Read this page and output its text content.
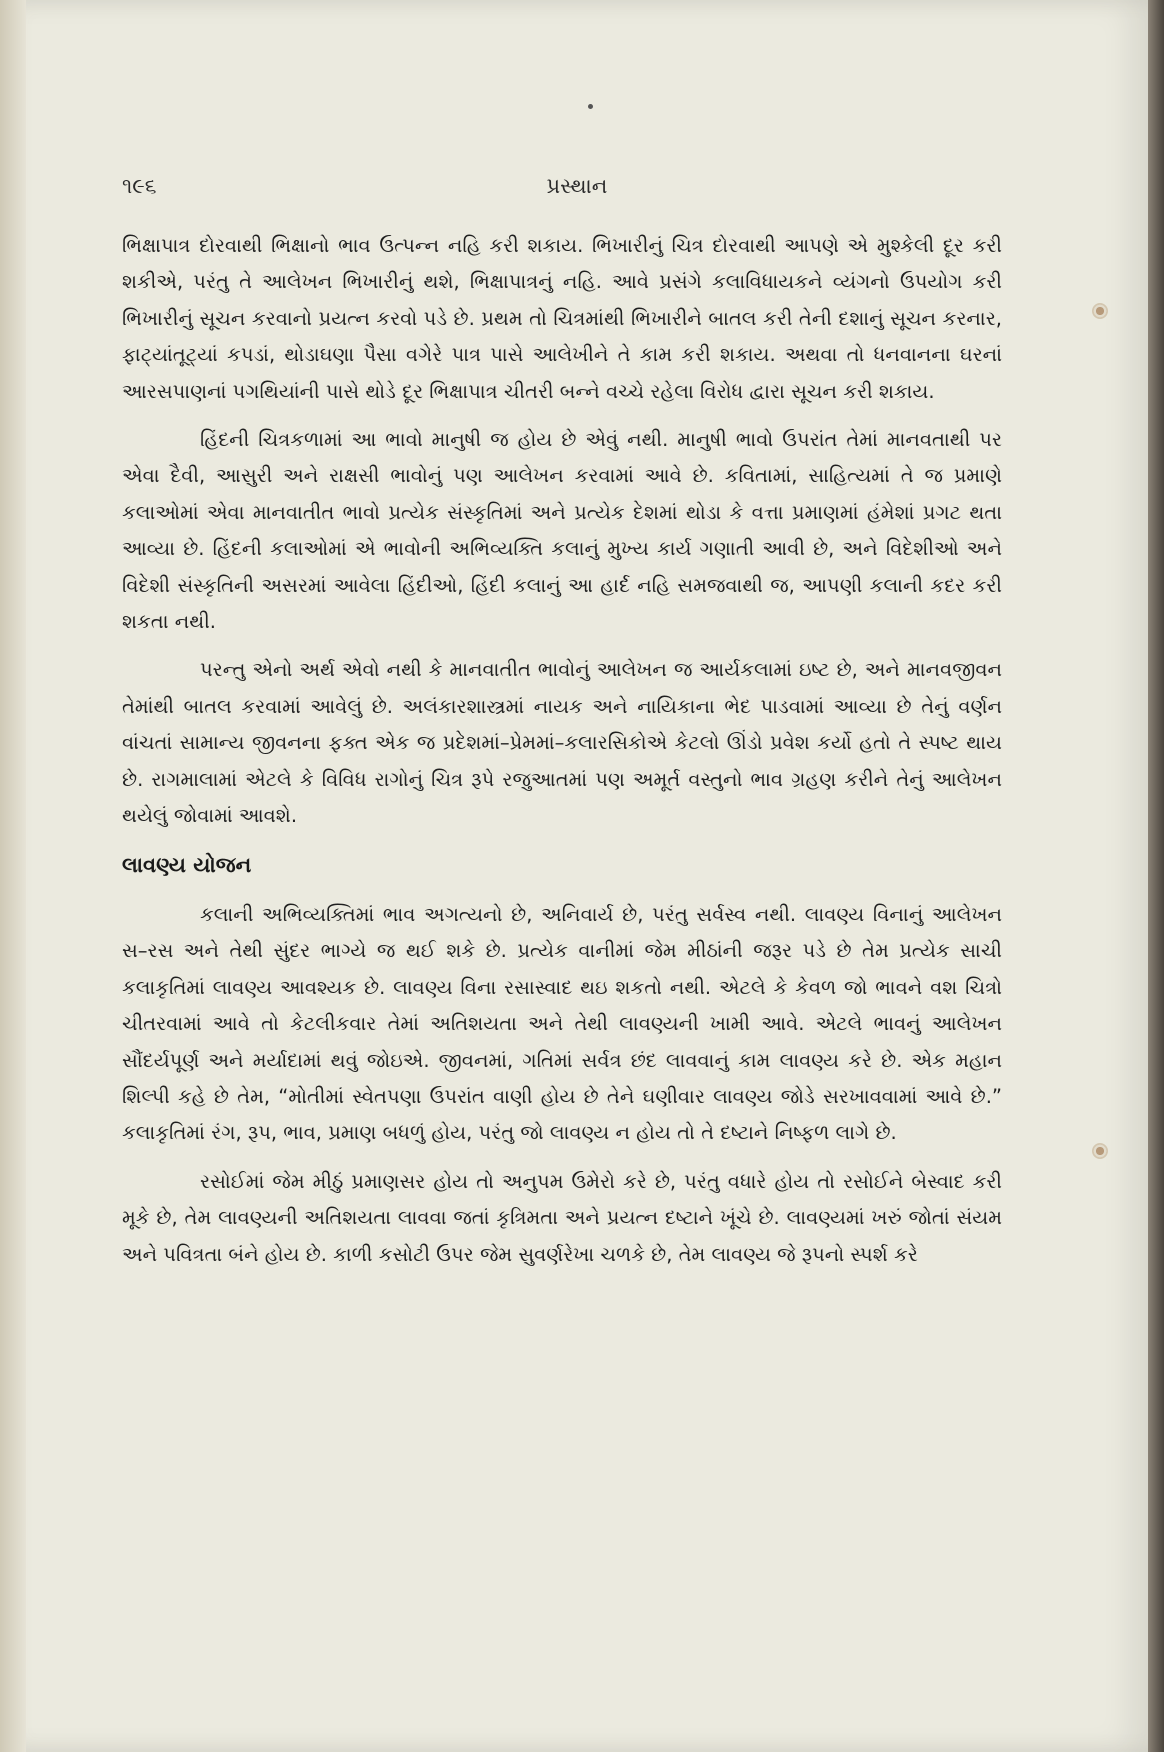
૧૯૬	પ્રસ્થાન

ભિક્ષાપાત્ર દોરવાથી ભિક્ષાનો ભાવ ઉત્પન્ન નહિ કરી શકાય. ભિખારીનું ચિત્ર દોરવાથી આપણે એ મુશ્કેલી દૂર કરી શકીએ, પરંતુ તે આલેખન ભિખારીનું થશે, ભિક્ષાપાત્રનું નહિ. આવે પ્રસંગે કલાવિધાયકને વ્યંગનો ઉપયોગ કરી ભિખારીનું સૂચન કરવાનો પ્રયત્ન કરવો પડે છે. પ્રથમ તો ચિત્રમાંથી ભિખારીને બાતલ કરી તેની દશાનું સૂચન કરનાર, ફાટ્યાંતૂટ્યાં કપડાં, થોડાઘણા પૈસા વગેરે પાત્ર પાસે આલેખીને તે કામ કરી શકાય. અથવા તો ધનવાનના ઘરનાં આરસપાણનાં પગથિયાંની પાસે થોડે દૂર ભિક્ષાપાત્ર ચીતરી બન્ને વચ્ચે રહેલા વિરોધ દ્વારા સૂચન કરી શકાય.

હિંદની ચિત્રકળામાં આ ભાવો માનુષી જ હોય છે એવું નથી. માનુષી ભાવો ઉપરાંત તેમાં માનવતાથી પર એવા દૈવી, આસુરી અને રાક્ષસી ભાવોનું પણ આલેખન કરવામાં આવે છે. કવિતામાં, સાહિત્યમાં તે જ પ્રમાણે કલાઓમાં એવા માનવાતીત ભાવો પ્રત્યેક સંસ્કૃતિમાં અને પ્રત્યેક દેશમાં થોડા કે વત્તા પ્રમાણમાં હંમેશાં પ્રગટ થતા આવ્યા છે. હિંદની કલાઓમાં એ ભાવોની અભિવ્યક્તિ કલાનું મુખ્ય કાર્ય ગણાતી આવી છે, અને વિદેશીઓ અને વિદેશી સંસ્કૃતિની અસરમાં આવેલા હિંદીઓ, હિંદી કલાનું આ હાર્દ નહિ સમજવાથી જ, આપણી કલાની કદર કરી શકતા નથી.

પરન્તુ એનો અર્થ એવો નથી કે માનવાતીત ભાવોનું આલેખન જ આર્યકલામાં ઇષ્ટ છે, અને માનવજીવન તેમાંથી બાતલ કરવામાં આવેલું છે. અલંકારશાસ્ત્રમાં નાયક અને નાયિકાના ભેદ પાડવામાં આવ્યા છે તેનું વર્ણન વાંચતાં સામાન્ય જીવનના ફક્ત એક જ પ્રદેશમાં–પ્રેમમાં–કલારસિકોએ કેટલો ઊંડો પ્રવેશ કર્યો હતો તે સ્પષ્ટ થાય છે. રાગમાલામાં એટલે કે વિવિધ રાગોનું ચિત્ર રૂપે રજુઆતમાં પણ અમૂર્ત વસ્તુનો ભાવ ગ્રહણ કરીને તેનું આલેખન થયેલું જોવામાં આવશે.

લાવણ્ય યોજન

કલાની અભિવ્યક્તિમાં ભાવ અગત્યનો છે, અનિવાર્ય છે, પરંતુ સર્વસ્વ નથી. લાવણ્ય વિનાનું આલેખન સ–રસ અને તેથી સુંદર ભાગ્યે જ થઈ શકે છે. પ્રત્યેક વાનીમાં જેમ મીઠાંની જરૂર પડે છે તેમ પ્રત્યેક સાચી કલાકૃતિમાં લાવણ્ય આવશ્યક છે. લાવણ્ય વિના રસાસ્વાદ થઇ શકતો નથી. એટલે કે કેવળ જો ભાવને વશ ચિત્રો ચીતરવામાં આવે તો કેટલીકવાર તેમાં અતિશયતા અને તેથી લાવણ્યની ખામી આવે. એટલે ભાવનું આલેખન સૌંદર્યપૂર્ણ અને મર્યાદામાં થવું જોઇએ. જીવનમાં, ગતિમાં સર્વત્ર છંદ લાવવાનું કામ લાવણ્ય કરે છે. એક મહાન શિલ્પી કહે છે તેમ, “મોતીમાં સ્વેતપણા ઉપરાંત વાણી હોય છે તેને ઘણીવાર લાવણ્ય જોડે સરખાવવામાં આવે છે.” કલાકૃતિમાં રંગ, રૂપ, ભાવ, પ્રમાણ બધળું હોય, પરંતુ જો લાવણ્ય ન હોય તો તે દષ્ટાને નિષ્ફળ લાગે છે.

રસોઈમાં જેમ મીઠું પ્રમાણસર હોય તો અનુપમ ઉમેરો કરે છે, પરંતુ વધારે હોય તો રસોઈને બેસ્વાદ કરી મૂકે છે, તેમ લાવણ્યની અતિશયતા લાવવા જતાં કૃત્રિમતા અને પ્રયત્ન દષ્ટાને ખૂંચે છે. લાવણ્યમાં ખરું જોતાં સંયમ અને પવિત્રતા બંને હોય છે. કાળી કસોટી ઉપર જેમ સુવર્ણરેખા ચળકે છે, તેમ લાવણ્ય જે રૂપનો સ્પર્શ કરે
